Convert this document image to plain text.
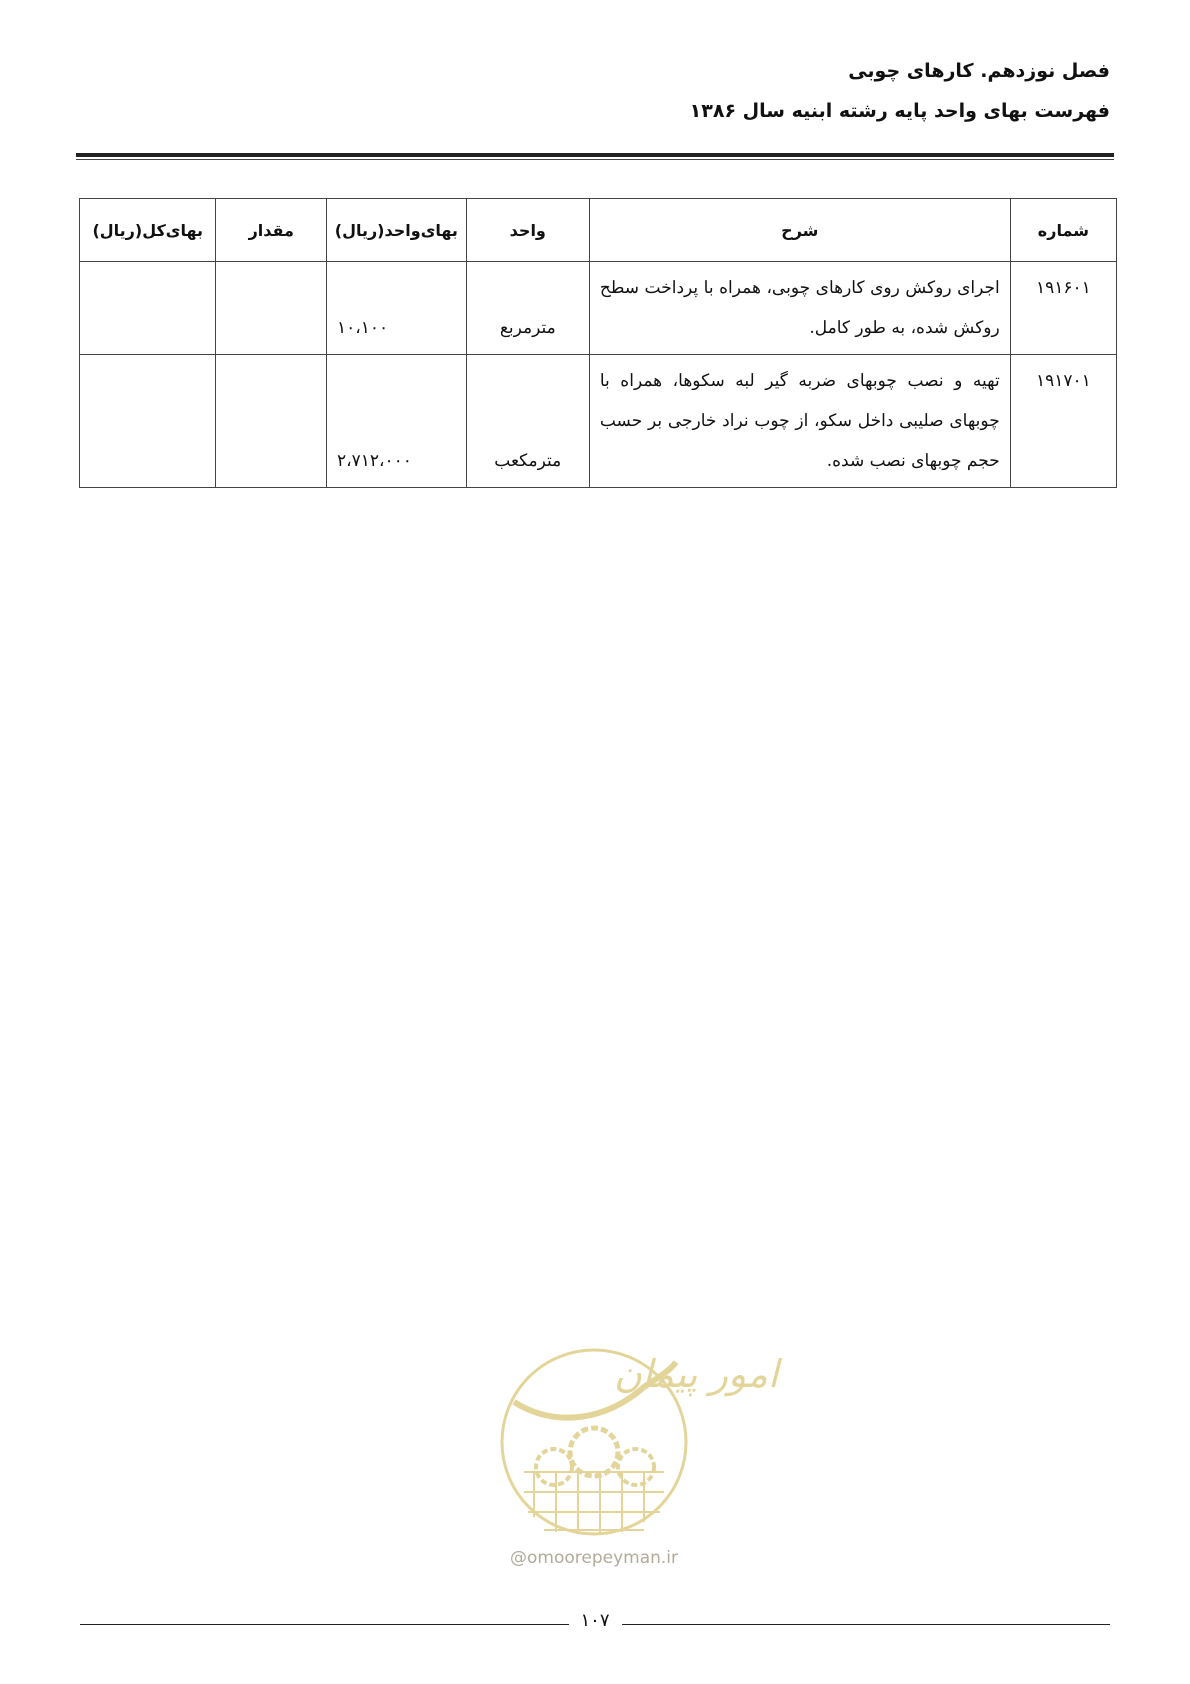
فصل نوزدهم. کارهای چوبی
فهرست بهای واحد پایه رشته ابنیه سال ۱۳۸۶
شماره	شرح	واحد	بهای‌واحد(ریال)	مقدار	بهای‌کل(ریال)
۱۹۱۶۰۱	اجرای روکش روی کارهای چوبی، همراه با پرداخت سطح روکش شده، به طور کامل.	مترمربع	۱۰،۱۰۰		
۱۹۱۷۰۱	تهیه و نصب چوبهای ضربه گیر لبه سکوها، همراه با چوبهای صلیبی داخل سکو، از چوب نراد خارجی بر حسب حجم چوبهای نصب شده.	مترمکعب	۲،۷۱۲،۰۰۰		
امور پیمان
@omoorepeyman.ir
۱۰۷
